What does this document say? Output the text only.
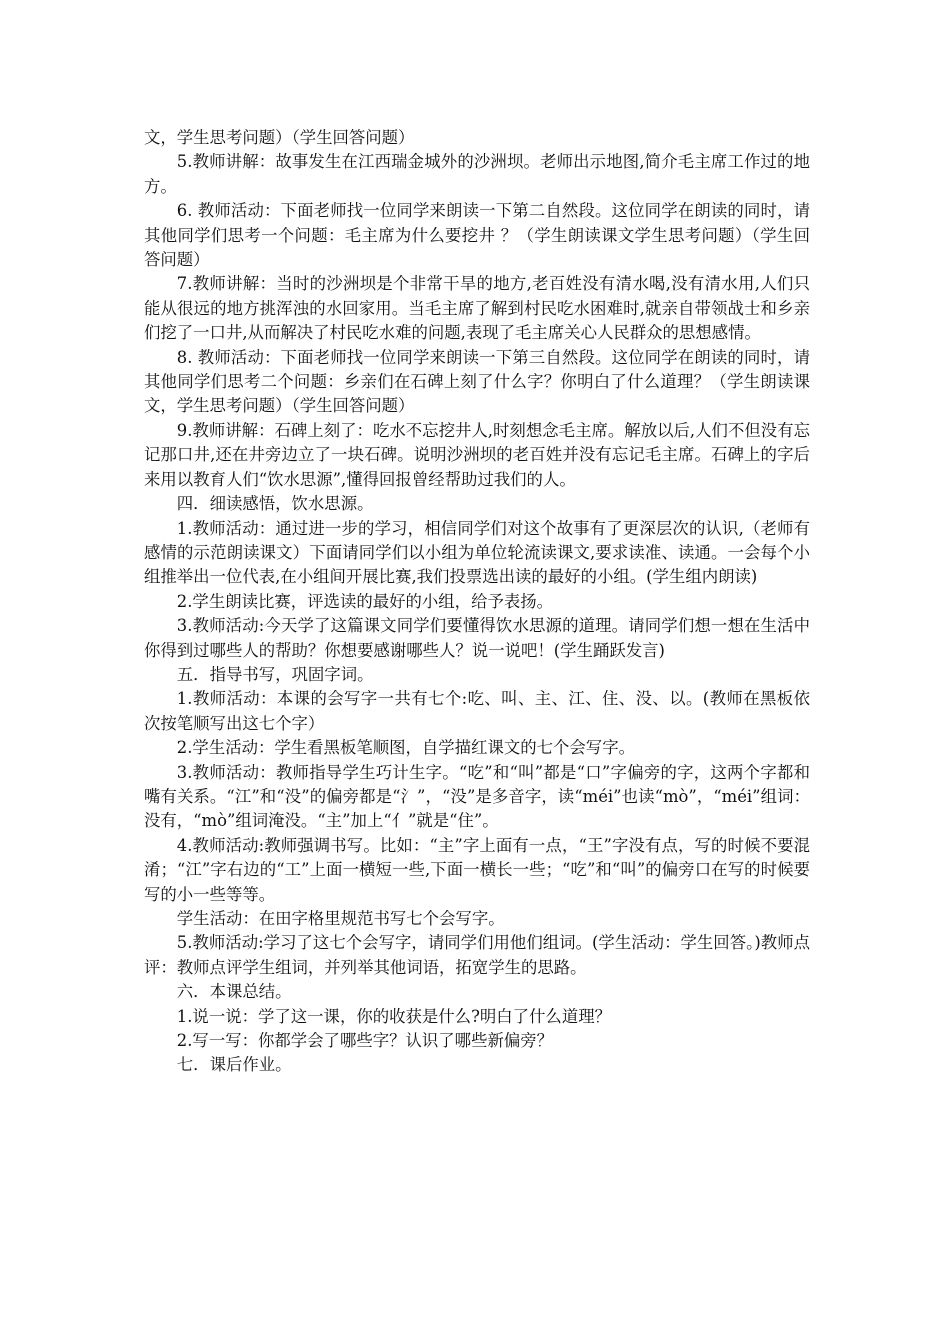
文，学生思考问题）（学生回答问题）

5.教师讲解：故事发生在江西瑞金城外的沙洲坝。老师出示地图,简介毛主席工作过的地方。

6. 教师活动：下面老师找一位同学来朗读一下第二自然段。这位同学在朗读的同时，请其他同学们思考一个问题：毛主席为什么要挖井 ？（学生朗读课文学生思考问题）（学生回答问题）

7.教师讲解：当时的沙洲坝是个非常干旱的地方,老百姓没有清水喝,没有清水用,人们只能从很远的地方挑浑浊的水回家用。当毛主席了解到村民吃水困难时,就亲自带领战士和乡亲们挖了一口井,从而解决了村民吃水难的问题,表现了毛主席关心人民群众的思想感情。

8. 教师活动：下面老师找一位同学来朗读一下第三自然段。这位同学在朗读的同时，请其他同学们思考二个问题：乡亲们在石碑上刻了什么字？你明白了什么道理？（学生朗读课文，学生思考问题）（学生回答问题）

9.教师讲解：石碑上刻了：吃水不忘挖井人,时刻想念毛主席。解放以后,人们不但没有忘记那口井,还在井旁边立了一块石碑。说明沙洲坝的老百姓并没有忘记毛主席。石碑上的字后来用以教育人们“饮水思源”,懂得回报曾经帮助过我们的人。

四．细读感悟，饮水思源。

1.教师活动：通过进一步的学习，相信同学们对这个故事有了更深层次的认识,（老师有感情的示范朗读课文）下面请同学们以小组为单位轮流读课文,要求读准、读通。一会每个小组推举出一位代表,在小组间开展比赛,我们投票选出读的最好的小组。(学生组内朗读)

2.学生朗读比赛，评选读的最好的小组，给予表扬。

3.教师活动:今天学了这篇课文同学们要懂得饮水思源的道理。请同学们想一想在生活中你得到过哪些人的帮助？你想要感谢哪些人？说一说吧！(学生踊跃发言)

五．指导书写，巩固字词。

1.教师活动：本课的会写字一共有七个:吃、叫、主、江、住、没、以。(教师在黑板依次按笔顺写出这七个字）

2.学生活动：学生看黑板笔顺图，自学描红课文的七个会写字。

3.教师活动：教师指导学生巧计生字。“吃”和“叫”都是“口”字偏旁的字，这两个字都和嘴有关系。“江”和“没”的偏旁都是“氵”，“没”是多音字，读“méi”也读“mò”，“méi”组词：没有，“mò”组词淹没。“主”加上“亻”就是“住”。

4.教师活动:教师强调书写。比如：“主”字上面有一点，“王”字没有点，写的时候不要混淆；“江”字右边的“工”上面一横短一些,下面一横长一些；“吃”和“叫”的偏旁口在写的时候要写的小一些等等。

学生活动：在田字格里规范书写七个会写字。

5.教师活动:学习了这七个会写字，请同学们用他们组词。(学生活动：学生回答。)教师点评：教师点评学生组词，并列举其他词语，拓宽学生的思路。

六．本课总结。

1.说一说：学了这一课，你的收获是什么?明白了什么道理？

2.写一写：你都学会了哪些字？认识了哪些新偏旁？

七．课后作业。
